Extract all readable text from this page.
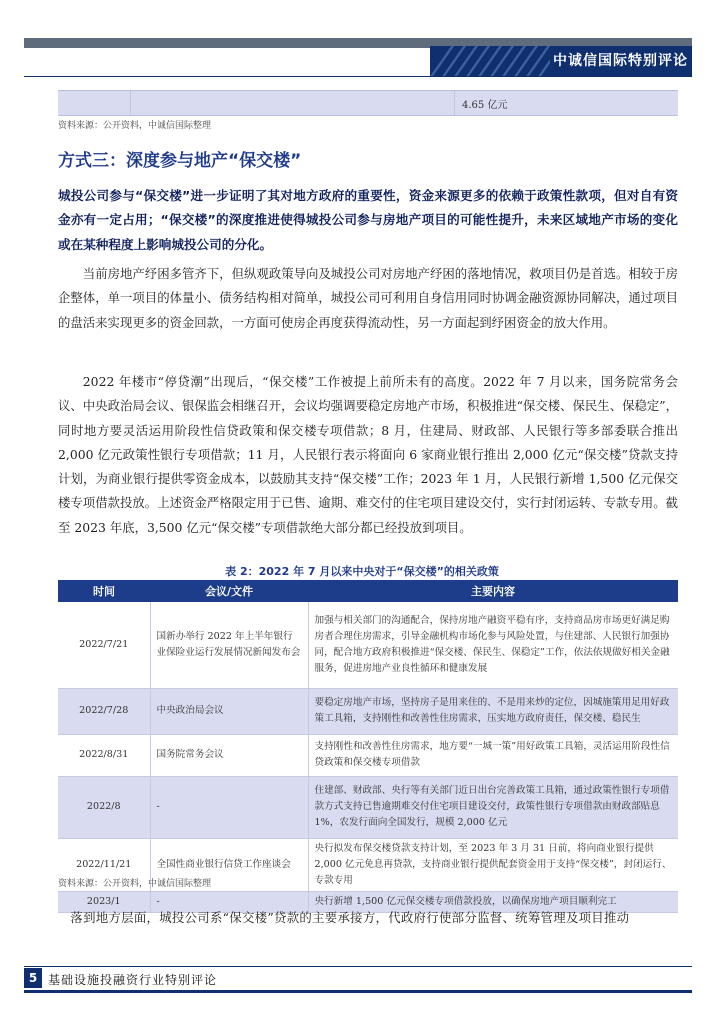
中诚信国际特别评论
4.65 亿元
资料来源：公开资料，中诚信国际整理
方式三：深度参与地产“保交楼”
城投公司参与“保交楼”进一步证明了其对地方政府的重要性，资金来源更多的依赖于政策性款项，但对自有资金亦有一定占用；“保交楼”的深度推进使得城投公司参与房地产项目的可能性提升，未来区域地产市场的变化或在某种程度上影响城投公司的分化。
当前房地产纾困多管齐下，但纵观政策导向及城投公司对房地产纾困的落地情况，救项目仍是首选。相较于房企整体，单一项目的体量小、债务结构相对简单，城投公司可利用自身信用同时协调金融资源协同解决，通过项目的盘活来实现更多的资金回款，一方面可使房企再度获得流动性，另一方面起到纾困资金的放大作用。
2022 年楼市“停贷潮”出现后，“保交楼”工作被提上前所未有的高度。2022 年 7 月以来，国务院常务会议、中央政治局会议、银保监会相继召开，会议均强调要稳定房地产市场，积极推进“保交楼、保民生、保稳定”，同时地方要灵活运用阶段性信贷政策和保交楼专项借款；8 月，住建局、财政部、人民银行等多部委联合推出 2,000 亿元政策性银行专项借款；11 月，人民银行表示将面向 6 家商业银行推出 2,000 亿元“保交楼”贷款支持计划，为商业银行提供零资金成本，以鼓励其支持“保交楼”工作；2023 年 1 月，人民银行新增 1,500 亿元保交楼专项借款投放。上述资金严格限定用于已售、逾期、难交付的住宅项目建设交付，实行封闭运转、专款专用。截至 2023 年底，3,500 亿元“保交楼”专项借款绝大部分都已经投放到项目。
表 2：2022 年 7 月以来中央对于“保交楼”的相关政策
时间	会议/文件	主要内容
2022/7/21	国新办举行 2022 年上半年银行业保险业运行发展情况新闻发布会	加强与相关部门的沟通配合，保持房地产融资平稳有序，支持商品房市场更好满足购房者合理住房需求，引导金融机构市场化参与风险处置，与住建部、人民银行加强协同，配合地方政府积极推进“保交楼、保民生、保稳定”工作，依法依规做好相关金融服务，促进房地产业良性循环和健康发展
2022/7/28	中央政治局会议	要稳定房地产市场，坚持房子是用来住的、不是用来炒的定位，因城施策用足用好政策工具箱，支持刚性和改善性住房需求，压实地方政府责任，保交楼、稳民生
2022/8/31	国务院常务会议	支持刚性和改善性住房需求，地方要“一城一策”用好政策工具箱，灵活运用阶段性信贷政策和保交楼专项借款
2022/8	-	住建部、财政部、央行等有关部门近日出台完善政策工具箱，通过政策性银行专项借款方式支持已售逾期难交付住宅项目建设交付，政策性银行专项借款由财政部贴息 1%，农发行面向全国发行，规模 2,000 亿元
2022/11/21	全国性商业银行信贷工作座谈会	央行拟发布保交楼贷款支持计划，至 2023 年 3 月 31 日前，将向商业银行提供 2,000 亿元免息再贷款，支持商业银行提供配套资金用于支持“保交楼”，封闭运行、专款专用
2023/1	-	央行新增 1,500 亿元保交楼专项借款投放，以确保房地产项目顺利完工
资料来源：公开资料，中诚信国际整理
落到地方层面，城投公司系“保交楼”贷款的主要承接方，代政府行使部分监督、统筹管理及项目推动
5 基础设施投融资行业特别评论
